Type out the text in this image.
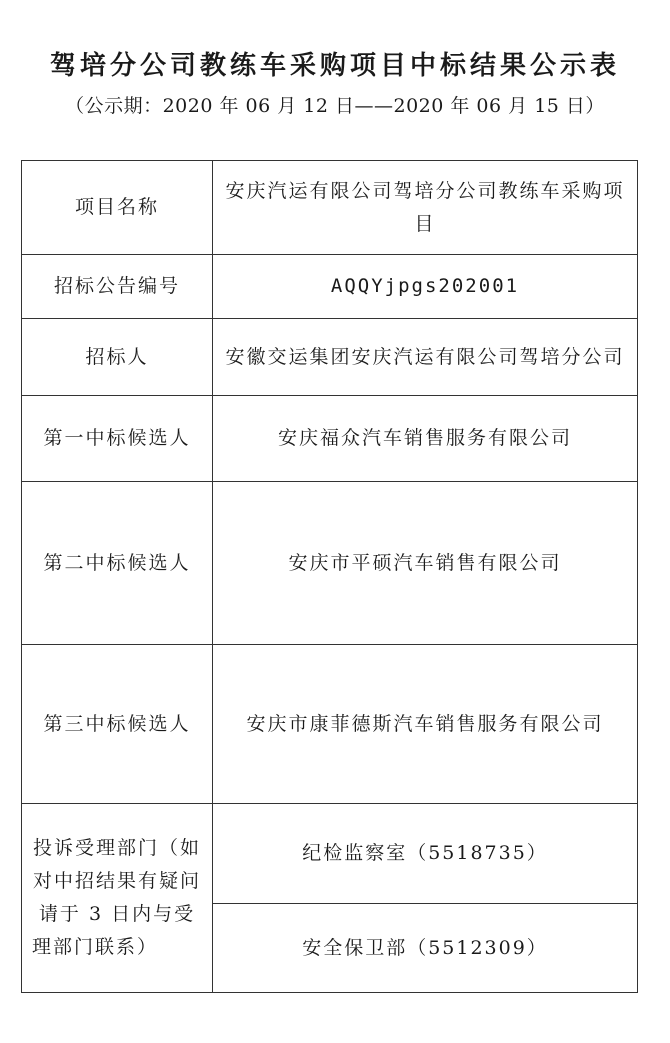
驾培分公司教练车采购项目中标结果公示表
（公示期：2020 年 06 月 12 日——2020 年 06 月 15 日）
项目名称	安庆汽运有限公司驾培分公司教练车采购项目
招标公告编号	AQQYjpgs202001
招标人	安徽交运集团安庆汽运有限公司驾培分公司
第一中标候选人	安庆福众汽车销售服务有限公司
第二中标候选人	安庆市平硕汽车销售有限公司
第三中标候选人	安庆市康菲德斯汽车销售服务有限公司
投诉受理部门（如对中招结果有疑问请于 3 日内与受理部门联系）	纪检监察室（5518735）
	安全保卫部（5512309）
